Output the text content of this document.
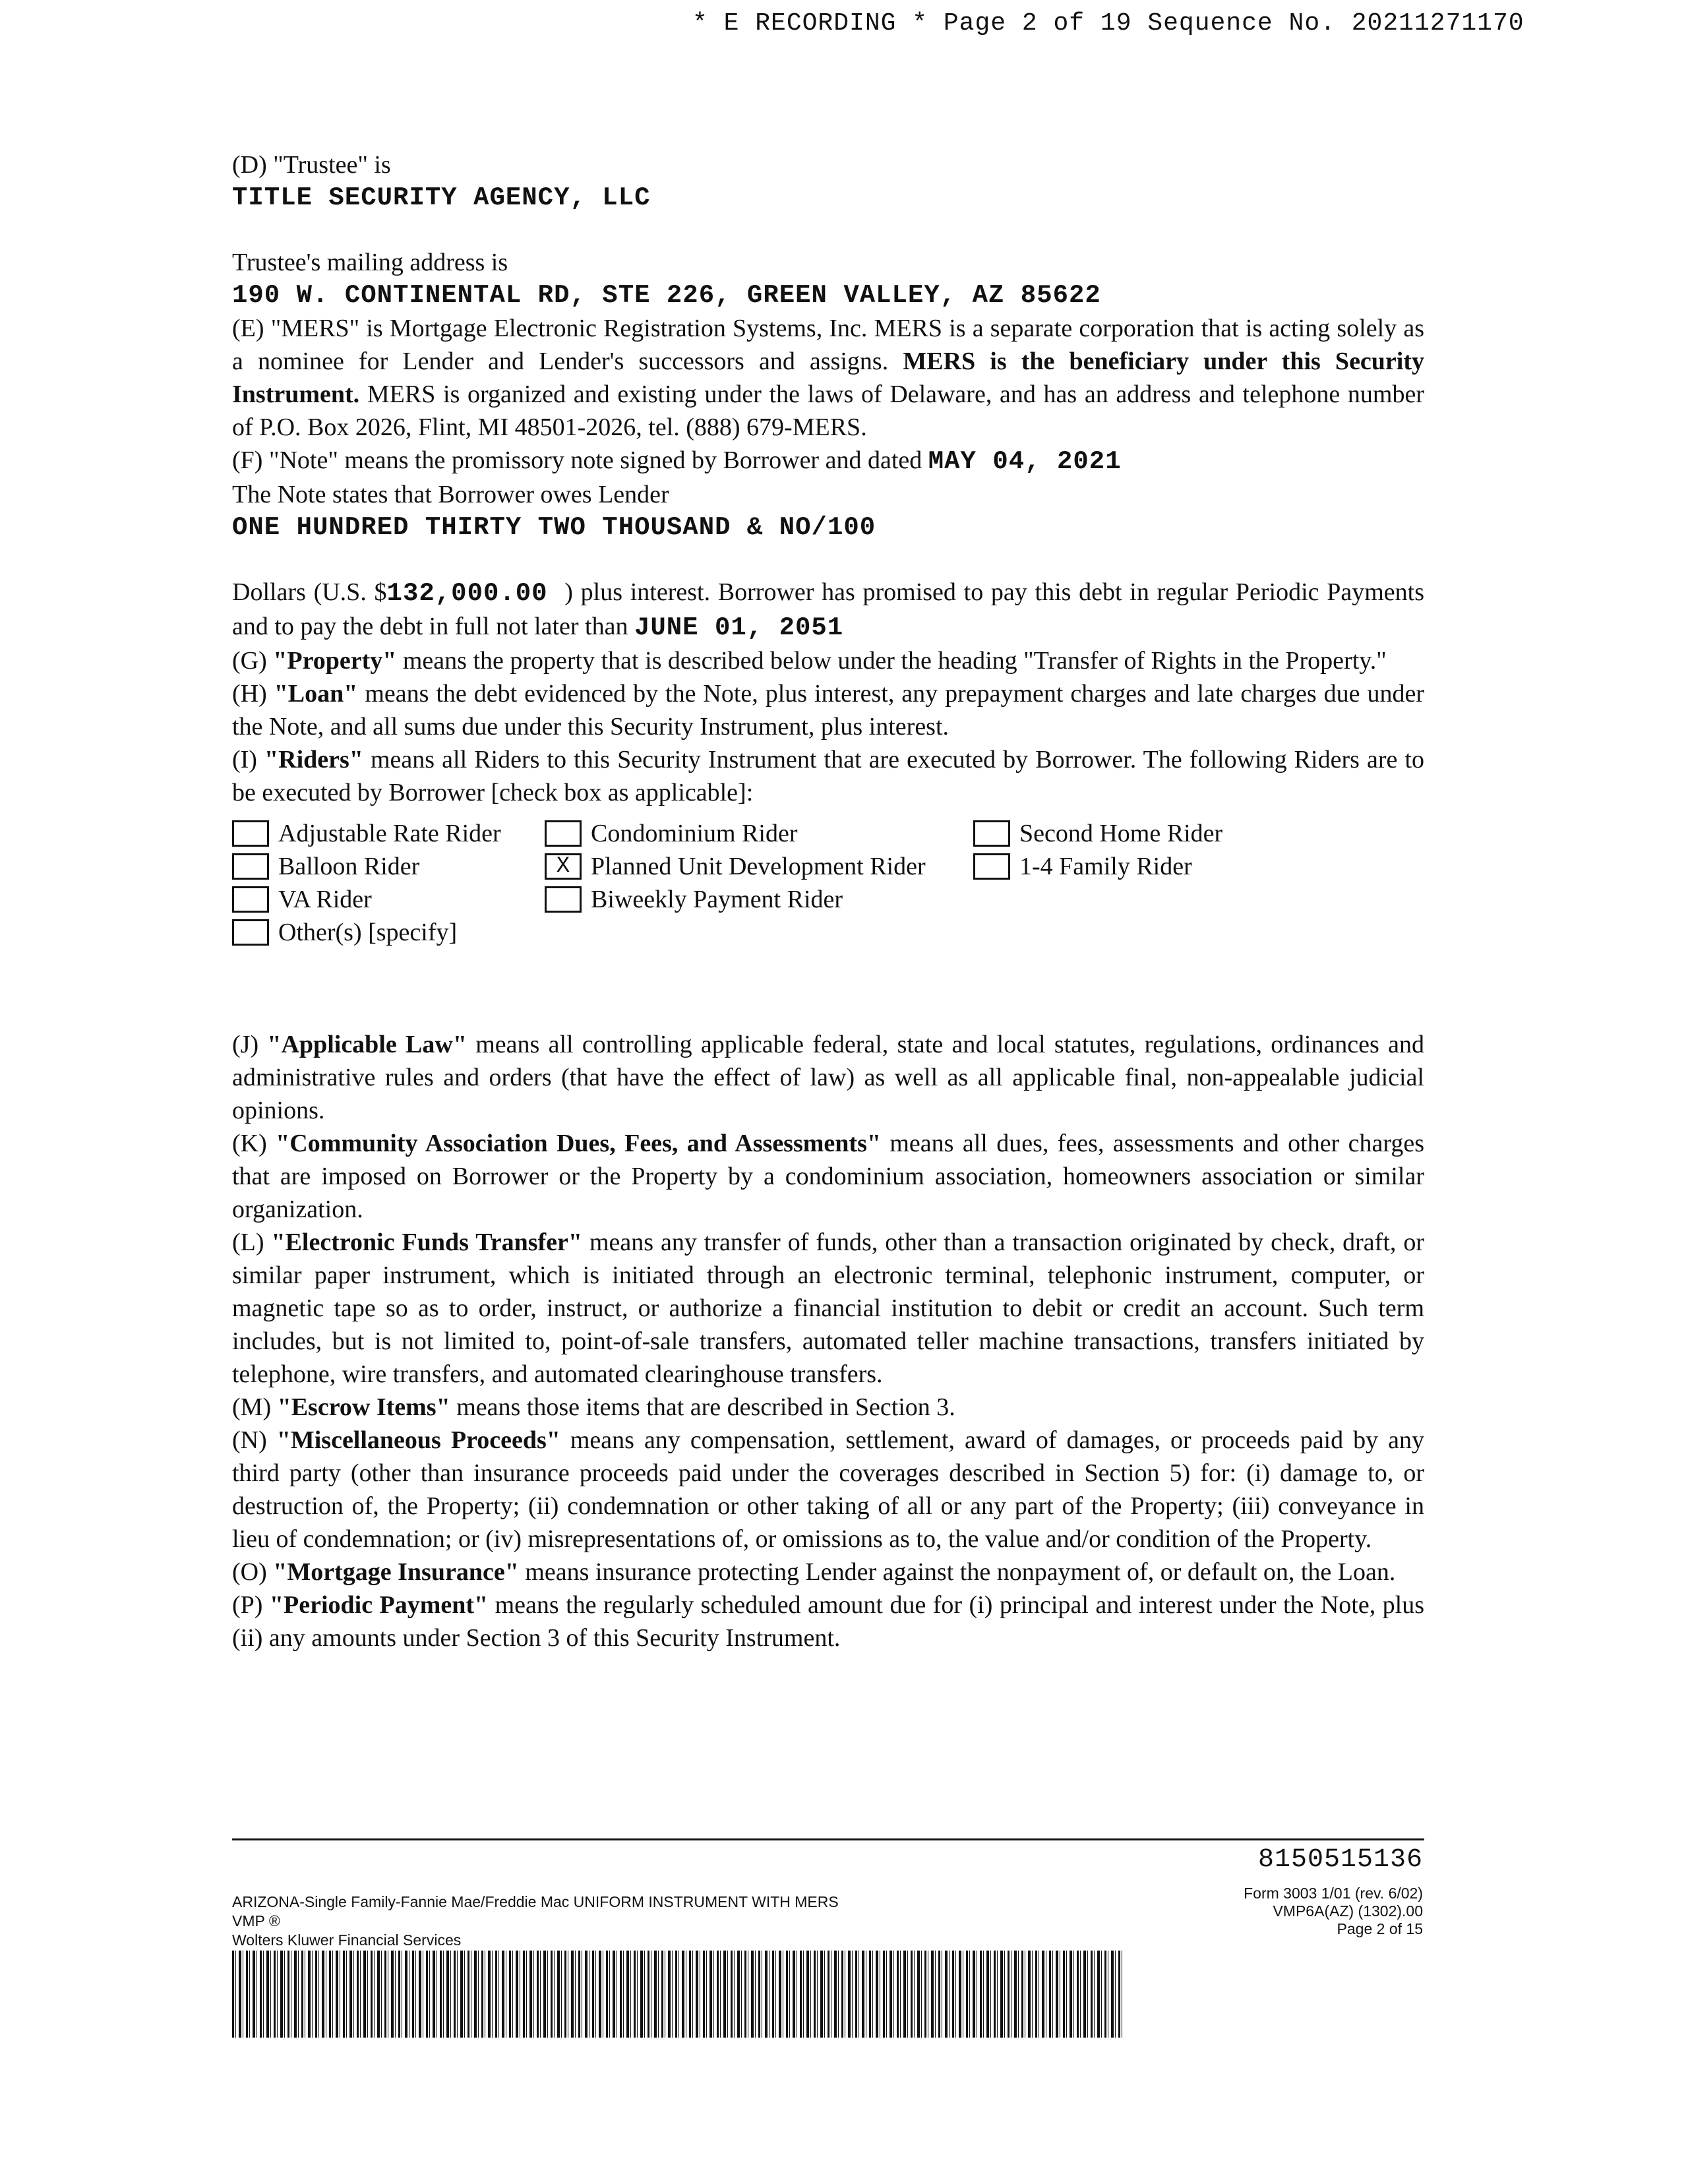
* E RECORDING * Page 2 of 19 Sequence No. 20211271170

(D) "Trustee" is

TITLE SECURITY AGENCY, LLC

Trustee's mailing address is

190 W. CONTINENTAL RD, STE 226, GREEN VALLEY, AZ 85622

(E) "MERS" is Mortgage Electronic Registration Systems, Inc. MERS is a separate corporation that is acting solely as a nominee for Lender and Lender's successors and assigns. MERS is the beneficiary under this Security Instrument. MERS is organized and existing under the laws of Delaware, and has an address and telephone number of P.O. Box 2026, Flint, MI 48501-2026, tel. (888) 679-MERS.

(F) "Note" means the promissory note signed by Borrower and dated MAY 04, 2021

The Note states that Borrower owes Lender

ONE HUNDRED THIRTY TWO THOUSAND & NO/100

Dollars (U.S. $132,000.00 ) plus interest. Borrower has promised to pay this debt in regular Periodic Payments and to pay the debt in full not later than JUNE 01, 2051

(G) "Property" means the property that is described below under the heading "Transfer of Rights in the Property."

(H) "Loan" means the debt evidenced by the Note, plus interest, any prepayment charges and late charges due under the Note, and all sums due under this Security Instrument, plus interest.

(I) "Riders" means all Riders to this Security Instrument that are executed by Borrower. The following Riders are to be executed by Borrower [check box as applicable]:

Adjustable Rate Rider	Condominium Rider	Second Home Rider
Balloon Rider	X Planned Unit Development Rider	1-4 Family Rider
VA Rider	Biweekly Payment Rider
Other(s) [specify]

(J) "Applicable Law" means all controlling applicable federal, state and local statutes, regulations, ordinances and administrative rules and orders (that have the effect of law) as well as all applicable final, non-appealable judicial opinions.

(K) "Community Association Dues, Fees, and Assessments" means all dues, fees, assessments and other charges that are imposed on Borrower or the Property by a condominium association, homeowners association or similar organization.

(L) "Electronic Funds Transfer" means any transfer of funds, other than a transaction originated by check, draft, or similar paper instrument, which is initiated through an electronic terminal, telephonic instrument, computer, or magnetic tape so as to order, instruct, or authorize a financial institution to debit or credit an account. Such term includes, but is not limited to, point-of-sale transfers, automated teller machine transactions, transfers initiated by telephone, wire transfers, and automated clearinghouse transfers.

(M) "Escrow Items" means those items that are described in Section 3.

(N) "Miscellaneous Proceeds" means any compensation, settlement, award of damages, or proceeds paid by any third party (other than insurance proceeds paid under the coverages described in Section 5) for: (i) damage to, or destruction of, the Property; (ii) condemnation or other taking of all or any part of the Property; (iii) conveyance in lieu of condemnation; or (iv) misrepresentations of, or omissions as to, the value and/or condition of the Property.

(O) "Mortgage Insurance" means insurance protecting Lender against the nonpayment of, or default on, the Loan.

(P) "Periodic Payment" means the regularly scheduled amount due for (i) principal and interest under the Note, plus (ii) any amounts under Section 3 of this Security Instrument.

8150515136
ARIZONA-Single Family-Fannie Mae/Freddie Mac UNIFORM INSTRUMENT WITH MERS
VMP ®
Wolters Kluwer Financial Services
Form 3003 1/01 (rev. 6/02)
VMP6A(AZ) (1302).00
Page 2 of 15
